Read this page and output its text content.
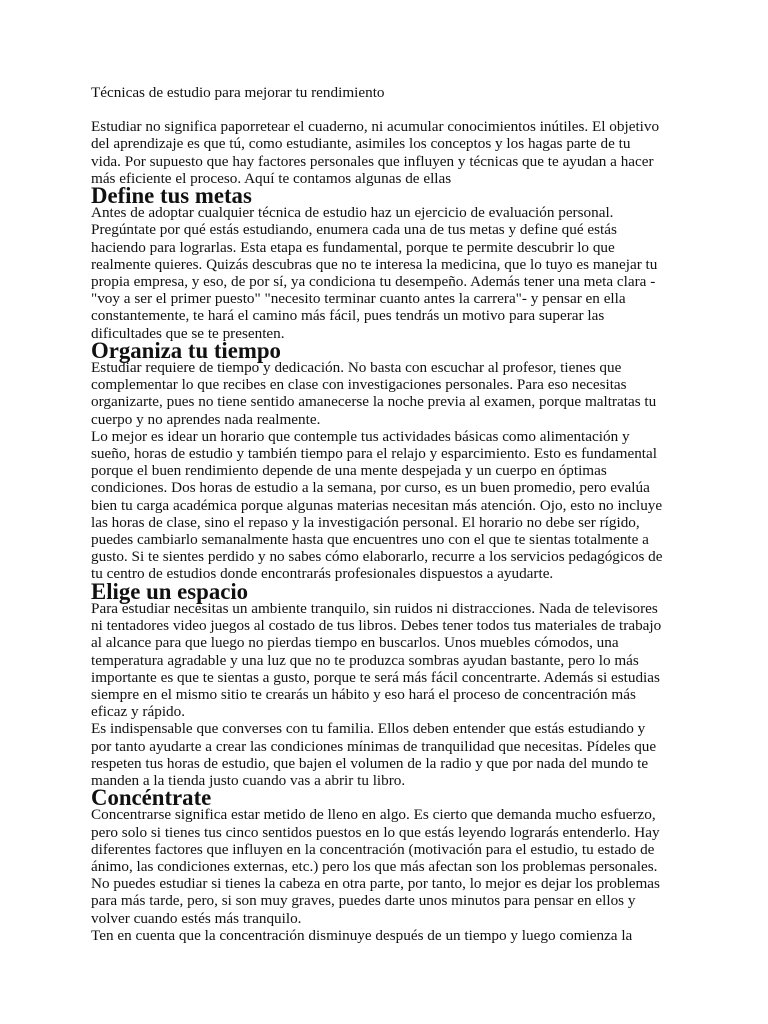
Técnicas de estudio para mejorar tu rendimiento

Estudiar no significa paporretear el cuaderno, ni acumular conocimientos inútiles. El objetivo
del aprendizaje es que tú, como estudiante, asimiles los conceptos y los hagas parte de tu
vida. Por supuesto que hay factores personales que influyen y técnicas que te ayudan a hacer
más eficiente el proceso. Aquí te contamos algunas de ellas

Define tus metas

Antes de adoptar cualquier técnica de estudio haz un ejercicio de evaluación personal.
Pregúntate por qué estás estudiando, enumera cada una de tus metas y define qué estás
haciendo para lograrlas. Esta etapa es fundamental, porque te permite descubrir lo que
realmente quieres. Quizás descubras que no te interesa la medicina, que lo tuyo es manejar tu
propia empresa, y eso, de por sí, ya condiciona tu desempeño. Además tener una meta clara -
"voy a ser el primer puesto" "necesito terminar cuanto antes la carrera"- y pensar en ella
constantemente, te hará el camino más fácil, pues tendrás un motivo para superar las
dificultades que se te presenten.

Organiza tu tiempo

Estudiar requiere de tiempo y dedicación. No basta con escuchar al profesor, tienes que
complementar lo que recibes en clase con investigaciones personales. Para eso necesitas
organizarte, pues no tiene sentido amanecerse la noche previa al examen, porque maltratas tu
cuerpo y no aprendes nada realmente.

Lo mejor es idear un horario que contemple tus actividades básicas como alimentación y
sueño, horas de estudio y también tiempo para el relajo y esparcimiento. Esto es fundamental
porque el buen rendimiento depende de una mente despejada y un cuerpo en óptimas
condiciones. Dos horas de estudio a la semana, por curso, es un buen promedio, pero evalúa
bien tu carga académica porque algunas materias necesitan más atención. Ojo, esto no incluye
las horas de clase, sino el repaso y la investigación personal. El horario no debe ser rígido,
puedes cambiarlo semanalmente hasta que encuentres uno con el que te sientas totalmente a
gusto. Si te sientes perdido y no sabes cómo elaborarlo, recurre a los servicios pedagógicos de
tu centro de estudios donde encontrarás profesionales dispuestos a ayudarte.

Elige un espacio

Para estudiar necesitas un ambiente tranquilo, sin ruidos ni distracciones. Nada de televisores
ni tentadores video juegos al costado de tus libros. Debes tener todos tus materiales de trabajo
al alcance para que luego no pierdas tiempo en buscarlos. Unos muebles cómodos, una
temperatura agradable y una luz que no te produzca sombras ayudan bastante, pero lo más
importante es que te sientas a gusto, porque te será más fácil concentrarte. Además si estudias
siempre en el mismo sitio te crearás un hábito y eso hará el proceso de concentración más
eficaz y rápido.

Es indispensable que converses con tu familia. Ellos deben entender que estás estudiando y
por tanto ayudarte a crear las condiciones mínimas de tranquilidad que necesitas. Pídeles que
respeten tus horas de estudio, que bajen el volumen de la radio y que por nada del mundo te
manden a la tienda justo cuando vas a abrir tu libro.

Concéntrate

Concentrarse significa estar metido de lleno en algo. Es cierto que demanda mucho esfuerzo,
pero solo si tienes tus cinco sentidos puestos en lo que estás leyendo lograrás entenderlo. Hay
diferentes factores que influyen en la concentración (motivación para el estudio, tu estado de
ánimo, las condiciones externas, etc.) pero los que más afectan son los problemas personales.
No puedes estudiar si tienes la cabeza en otra parte, por tanto, lo mejor es dejar los problemas
para más tarde, pero, si son muy graves, puedes darte unos minutos para pensar en ellos y
volver cuando estés más tranquilo.

Ten en cuenta que la concentración disminuye después de un tiempo y luego comienza la
